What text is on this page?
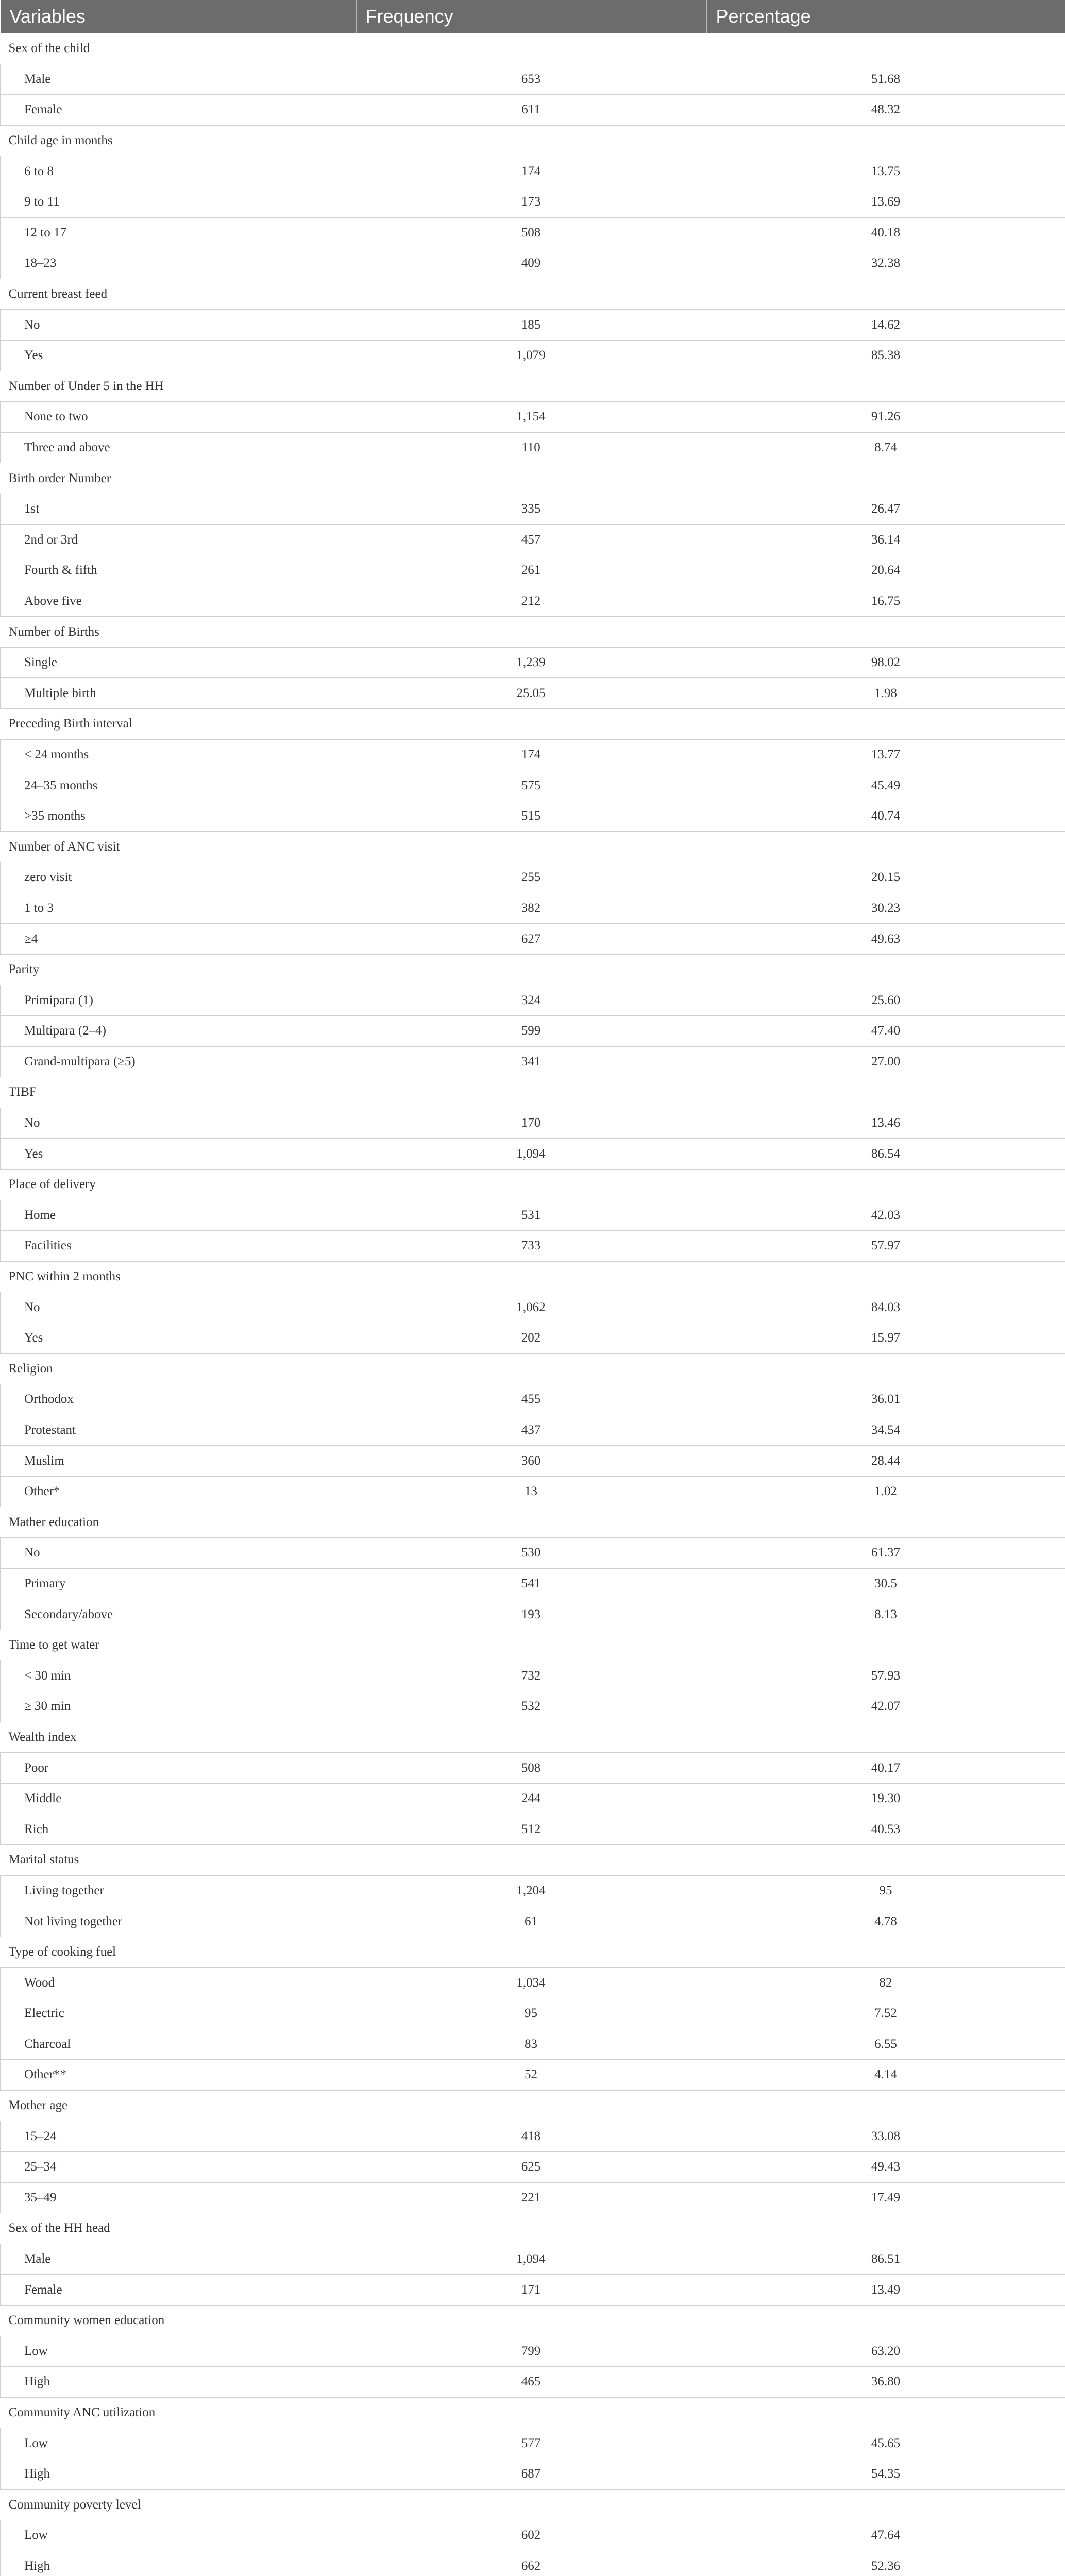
Variables	Frequency	Percentage
Sex of the child		
Male	653	51.68
Female	611	48.32
Child age in months		
6 to 8	174	13.75
9 to 11	173	13.69
12 to 17	508	40.18
18–23	409	32.38
Current breast feed		
No	185	14.62
Yes	1,079	85.38
Number of Under 5 in the HH		
None to two	1,154	91.26
Three and above	110	8.74
Birth order Number		
1st	335	26.47
2nd or 3rd	457	36.14
Fourth & fifth	261	20.64
Above five	212	16.75
Number of Births		
Single	1,239	98.02
Multiple birth	25.05	1.98
Preceding Birth interval		
< 24 months	174	13.77
24–35 months	575	45.49
>35 months	515	40.74
Number of ANC visit		
zero visit	255	20.15
1 to 3	382	30.23
≥4	627	49.63
Parity		
Primipara (1)	324	25.60
Multipara (2–4)	599	47.40
Grand-multipara (≥5)	341	27.00
TIBF		
No	170	13.46
Yes	1,094	86.54
Place of delivery		
Home	531	42.03
Facilities	733	57.97
PNC within 2 months		
No	1,062	84.03
Yes	202	15.97
Religion		
Orthodox	455	36.01
Protestant	437	34.54
Muslim	360	28.44
Other*	13	1.02
Mather education		
No	530	61.37
Primary	541	30.5
Secondary/above	193	8.13
Time to get water		
< 30 min	732	57.93
≥ 30 min	532	42.07
Wealth index		
Poor	508	40.17
Middle	244	19.30
Rich	512	40.53
Marital status		
Living together	1,204	95
Not living together	61	4.78
Type of cooking fuel		
Wood	1,034	82
Electric	95	7.52
Charcoal	83	6.55
Other**	52	4.14
Mother age		
15–24	418	33.08
25–34	625	49.43
35–49	221	17.49
Sex of the HH head		
Male	1,094	86.51
Female	171	13.49
Community women education		
Low	799	63.20
High	465	36.80
Community ANC utilization		
Low	577	45.65
High	687	54.35
Community poverty level		
Low	602	47.64
High	662	52.36
